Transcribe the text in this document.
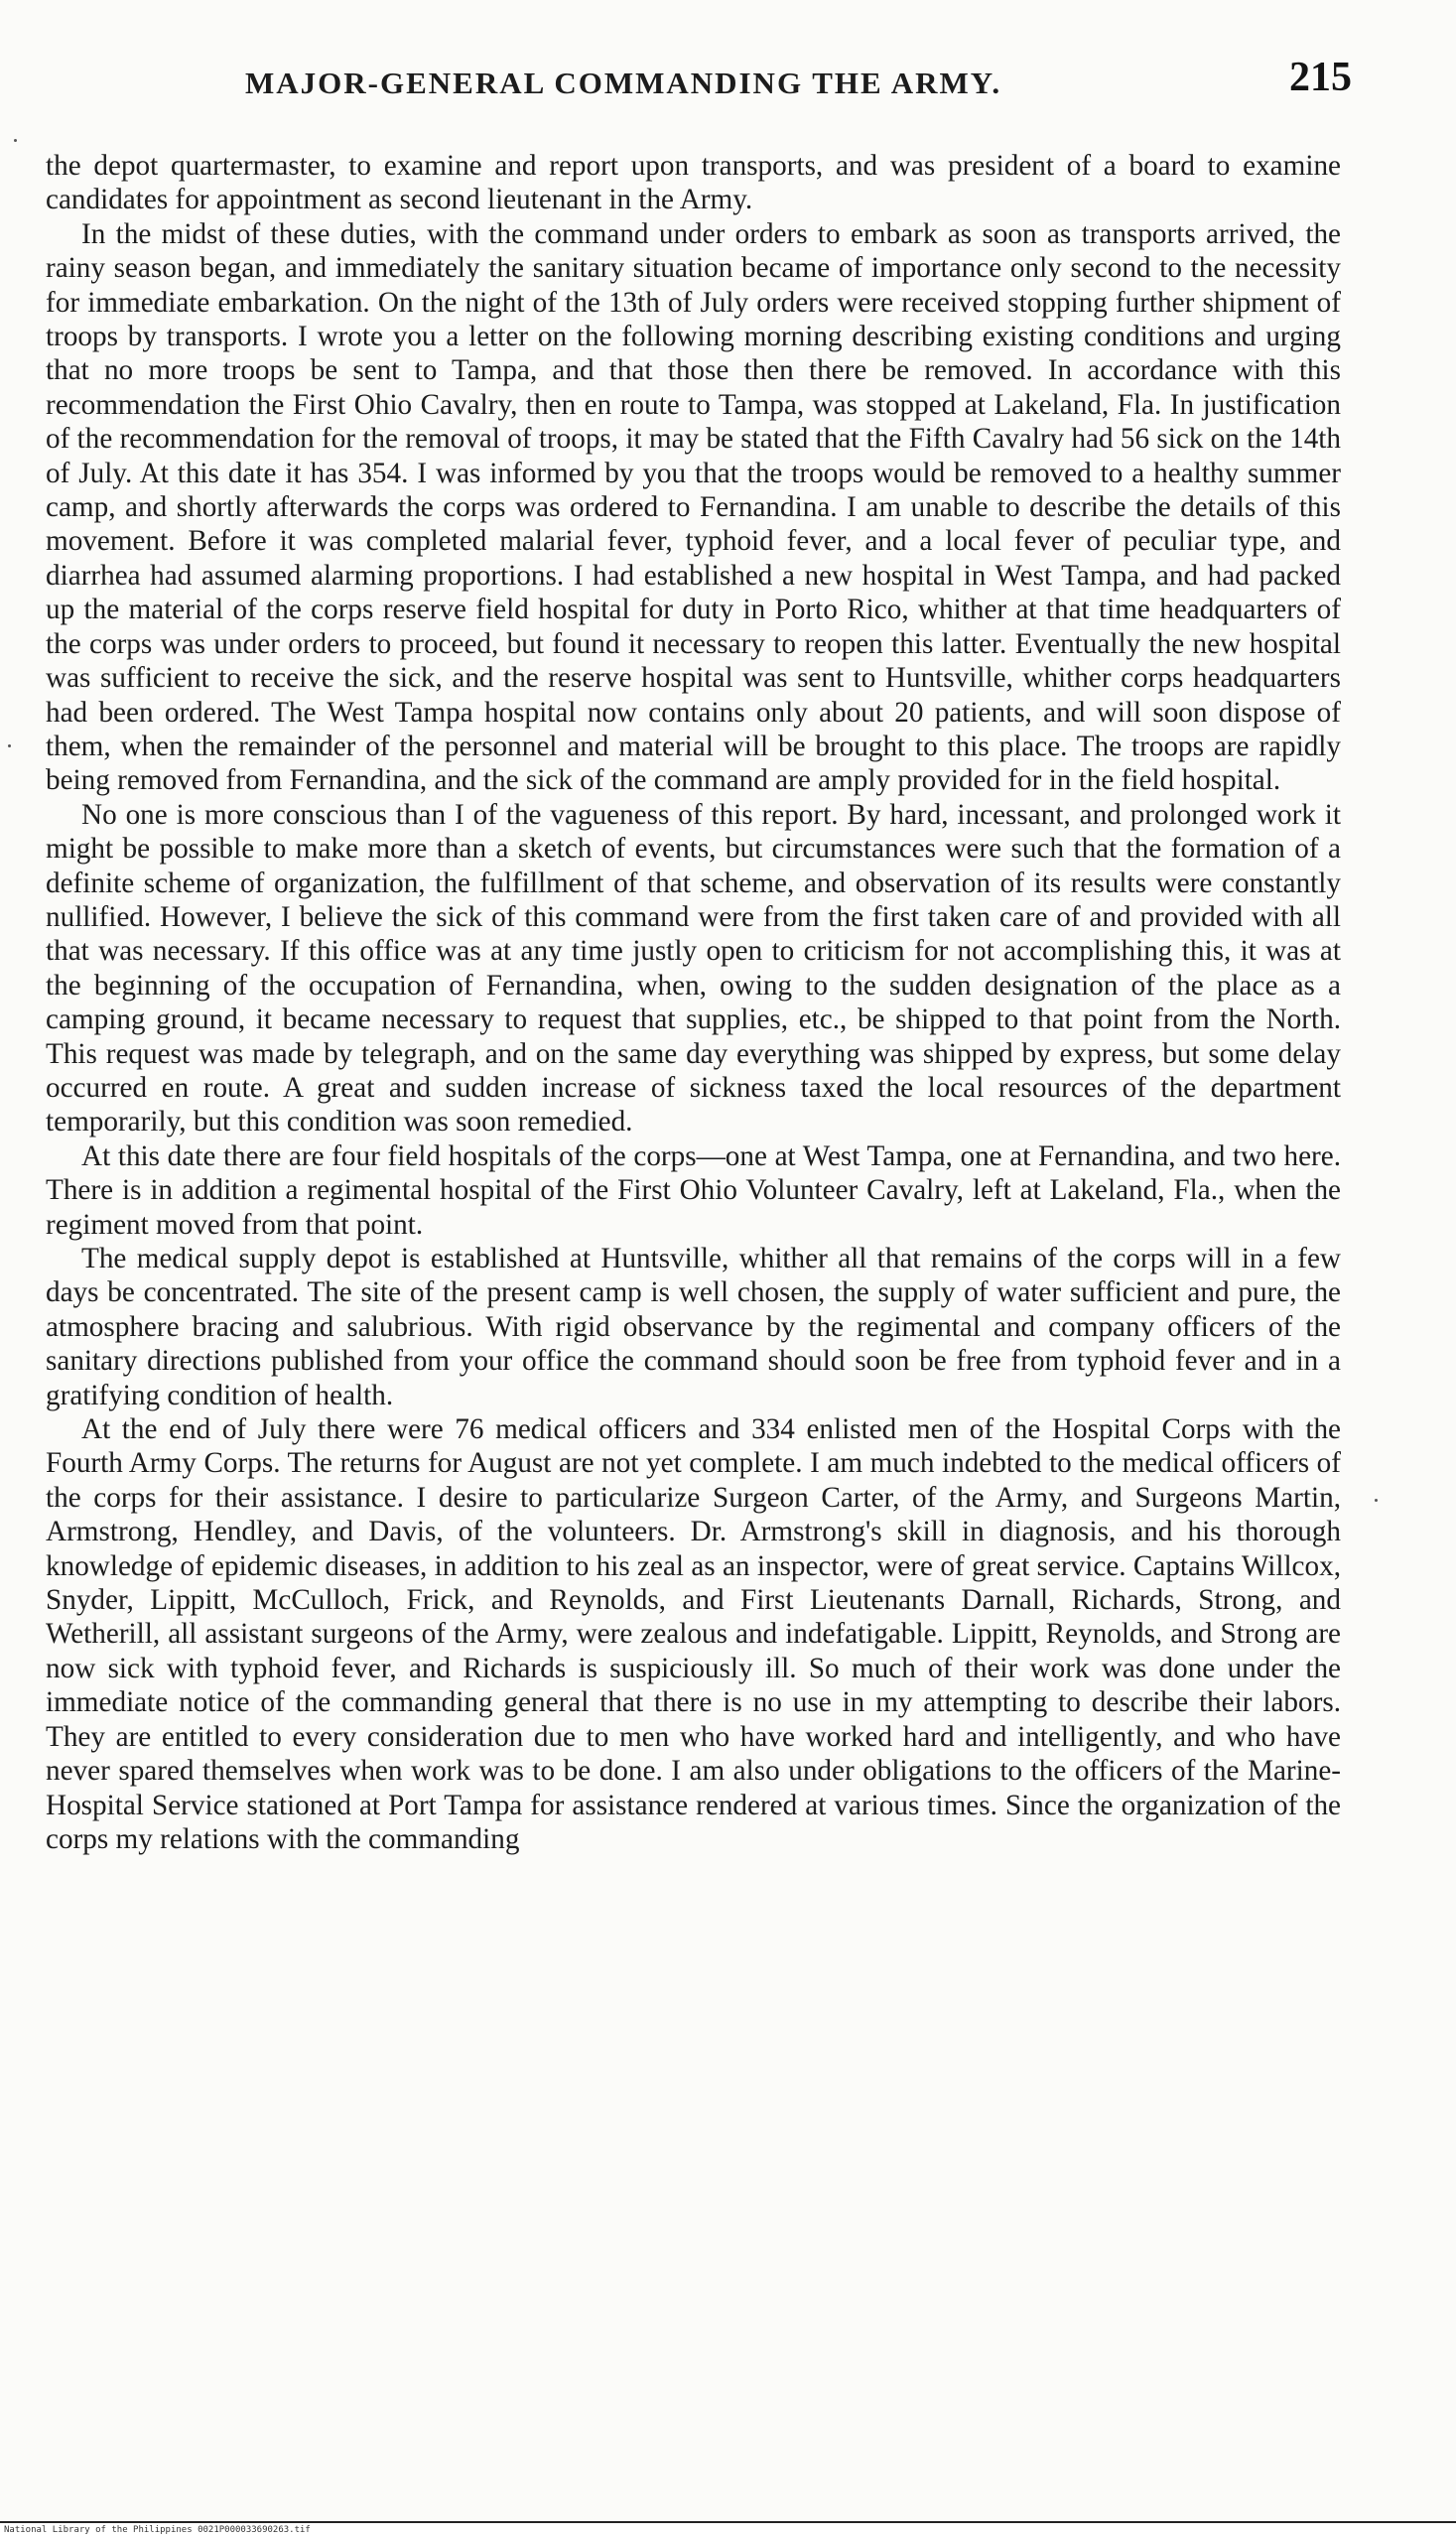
MAJOR-GENERAL COMMANDING THE ARMY.	215

the depot quartermaster, to examine and report upon transports, and was president of a board to examine candidates for appointment as second lieutenant in the Army.

In the midst of these duties, with the command under orders to embark as soon as transports arrived, the rainy season began, and immediately the sanitary situation became of importance only second to the necessity for immediate embarkation. On the night of the 13th of July orders were received stopping further shipment of troops by transports. I wrote you a letter on the following morning describing existing conditions and urging that no more troops be sent to Tampa, and that those then there be removed. In accordance with this recommendation the First Ohio Cavalry, then en route to Tampa, was stopped at Lakeland, Fla. In justification of the recommendation for the removal of troops, it may be stated that the Fifth Cavalry had 56 sick on the 14th of July. At this date it has 354. I was informed by you that the troops would be removed to a healthy summer camp, and shortly afterwards the corps was ordered to Fernandina. I am unable to describe the details of this movement. Before it was completed malarial fever, typhoid fever, and a local fever of peculiar type, and diarrhea had assumed alarming proportions. I had established a new hospital in West Tampa, and had packed up the material of the corps reserve field hospital for duty in Porto Rico, whither at that time headquarters of the corps was under orders to proceed, but found it necessary to reopen this latter. Eventually the new hospital was sufficient to receive the sick, and the reserve hospital was sent to Huntsville, whither corps headquarters had been ordered. The West Tampa hospital now contains only about 20 patients, and will soon dispose of them, when the remainder of the personnel and material will be brought to this place. The troops are rapidly being removed from Fernandina, and the sick of the command are amply provided for in the field hospital.

No one is more conscious than I of the vagueness of this report. By hard, incessant, and prolonged work it might be possible to make more than a sketch of events, but circumstances were such that the formation of a definite scheme of organization, the fulfillment of that scheme, and observation of its results were constantly nullified. However, I believe the sick of this command were from the first taken care of and provided with all that was necessary. If this office was at any time justly open to criticism for not accomplishing this, it was at the beginning of the occupation of Fernandina, when, owing to the sudden designation of the place as a camping ground, it became necessary to request that supplies, etc., be shipped to that point from the North. This request was made by telegraph, and on the same day everything was shipped by express, but some delay occurred en route. A great and sudden increase of sickness taxed the local resources of the department temporarily, but this condition was soon remedied.

At this date there are four field hospitals of the corps—one at West Tampa, one at Fernandina, and two here. There is in addition a regimental hospital of the First Ohio Volunteer Cavalry, left at Lakeland, Fla., when the regiment moved from that point.

The medical supply depot is established at Huntsville, whither all that remains of the corps will in a few days be concentrated. The site of the present camp is well chosen, the supply of water sufficient and pure, the atmosphere bracing and salubrious. With rigid observance by the regimental and company officers of the sanitary directions published from your office the command should soon be free from typhoid fever and in a gratifying condition of health.

At the end of July there were 76 medical officers and 334 enlisted men of the Hospital Corps with the Fourth Army Corps. The returns for August are not yet complete. I am much indebted to the medical officers of the corps for their assistance. I desire to particularize Surgeon Carter, of the Army, and Surgeons Martin, Armstrong, Hendley, and Davis, of the volunteers. Dr. Armstrong's skill in diagnosis, and his thorough knowledge of epidemic diseases, in addition to his zeal as an inspector, were of great service. Captains Willcox, Snyder, Lippitt, McCulloch, Frick, and Reynolds, and First Lieutenants Darnall, Richards, Strong, and Wetherill, all assistant surgeons of the Army, were zealous and indefatigable. Lippitt, Reynolds, and Strong are now sick with typhoid fever, and Richards is suspiciously ill. So much of their work was done under the immediate notice of the commanding general that there is no use in my attempting to describe their labors. They are entitled to every consideration due to men who have worked hard and intelligently, and who have never spared themselves when work was to be done. I am also under obligations to the officers of the Marine-Hospital Service stationed at Port Tampa for assistance rendered at various times. Since the organization of the corps my relations with the commanding

National Library of the Philippines 0021P000033690263.tif
